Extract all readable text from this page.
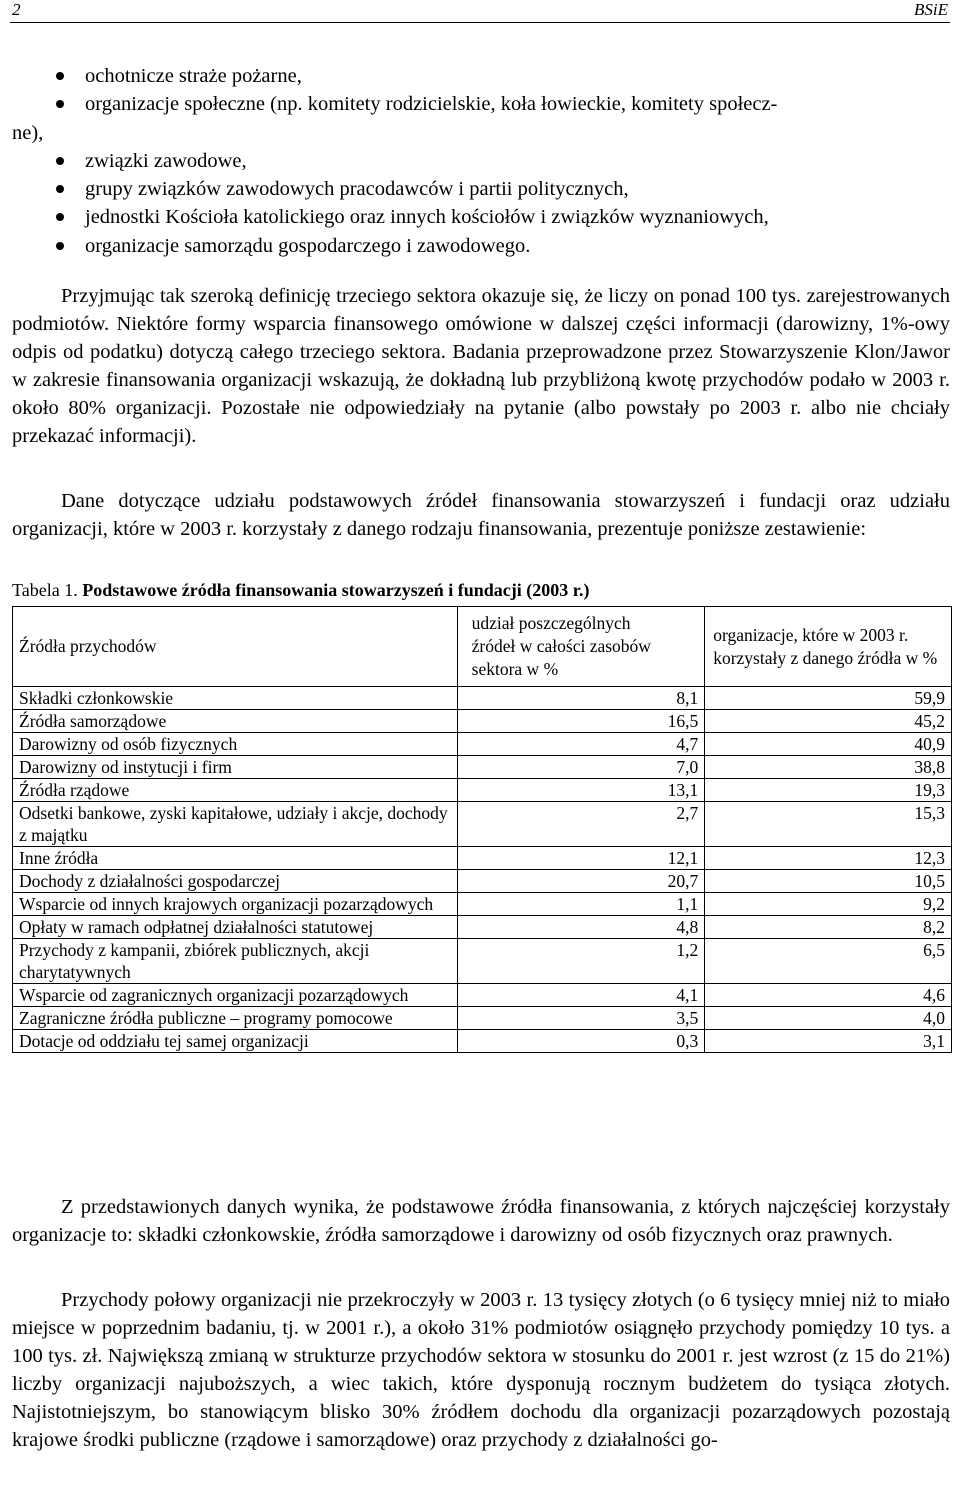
2	BSiE
ochotnicze straże pożarne,
organizacje społeczne (np. komitety rodzicielskie, koła łowieckie, komitety społecz-
ne),
związki zawodowe,
grupy związków zawodowych pracodawców i partii politycznych,
jednostki Kościoła katolickiego oraz innych kościołów i związków wyznaniowych,
organizacje samorządu gospodarczego i zawodowego.

Przyjmując tak szeroką definicję trzeciego sektora okazuje się, że liczy on ponad 100 tys. zarejestrowanych podmiotów. Niektóre formy wsparcia finansowego omówione w dalszej części informacji (darowizny, 1%-owy odpis od podatku) dotyczą całego trzeciego sektora. Badania przeprowadzone przez Stowarzyszenie Klon/Jawor w zakresie finansowania organizacji wskazują, że dokładną lub przybliżoną kwotę przychodów podało w 2003 r. około 80% organizacji. Pozostałe nie odpowiedziały na pytanie (albo powstały po 2003 r. albo nie chciały przekazać informacji).

Dane dotyczące udziału podstawowych źródeł finansowania stowarzyszeń i fundacji oraz udziału organizacji, które w 2003 r. korzystały z danego rodzaju finansowania, prezentuje poniższe zestawienie:

Tabela 1. Podstawowe źródła finansowania stowarzyszeń i fundacji (2003 r.)
Źródła przychodów	udział poszczególnych źródeł w całości zasobów sektora w %	organizacje, które w 2003 r. korzystały z danego źródła w %
Składki członkowskie	8,1	59,9
Źródła samorządowe	16,5	45,2
Darowizny od osób fizycznych	4,7	40,9
Darowizny od instytucji i firm	7,0	38,8
Źródła rządowe	13,1	19,3
Odsetki bankowe, zyski kapitałowe, udziały i akcje, dochody z majątku	2,7	15,3
Inne źródła	12,1	12,3
Dochody z działalności gospodarczej	20,7	10,5
Wsparcie od innych krajowych organizacji pozarządowych	1,1	9,2
Opłaty w ramach odpłatnej działalności statutowej	4,8	8,2
Przychody z kampanii, zbiórek publicznych, akcji charytatywnych	1,2	6,5
Wsparcie od zagranicznych organizacji pozarządowych	4,1	4,6
Zagraniczne źródła publiczne – programy pomocowe	3,5	4,0
Dotacje od oddziału tej samej organizacji	0,3	3,1

Z przedstawionych danych wynika, że podstawowe źródła finansowania, z których najczęściej korzystały organizacje to: składki członkowskie, źródła samorządowe i darowizny od osób fizycznych oraz prawnych.

Przychody połowy organizacji nie przekroczyły w 2003 r. 13 tysięcy złotych (o 6 tysięcy mniej niż to miało miejsce w poprzednim badaniu, tj. w 2001 r.), a około 31% podmiotów osiągnęło przychody pomiędzy 10 tys. a 100 tys. zł. Największą zmianą w strukturze przychodów sektora w stosunku do 2001 r. jest wzrost (z 15 do 21%) liczby organizacji najuboższych, a wiec takich, które dysponują rocznym budżetem do tysiąca złotych. Najistotniejszym, bo stanowiącym blisko 30% źródłem dochodu dla organizacji pozarządowych pozostają krajowe środki publiczne (rządowe i samorządowe) oraz przychody z działalności go-
